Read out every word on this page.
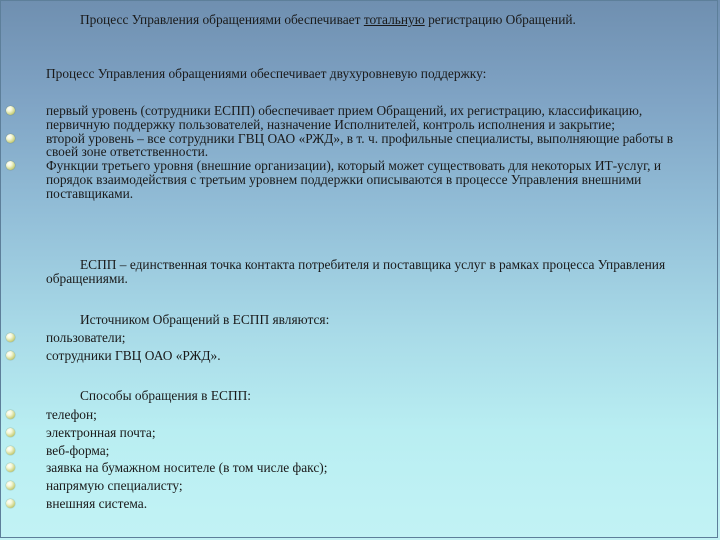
Процесс Управления обращениями обеспечивает тотальную регистрацию Обращений.

Процесс Управления обращениями обеспечивает двухуровневую поддержку:

первый уровень (сотрудники ЕСПП) обеспечивает прием Обращений, их регистрацию, классификацию, первичную поддержку пользователей, назначение Исполнителей, контроль исполнения и закрытие;
второй уровень – все сотрудники ГВЦ ОАО «РЖД», в т. ч. профильные специалисты, выполняющие работы в своей зоне ответственности.
Функции третьего уровня (внешние организации), который может существовать для некоторых ИТ-услуг, и порядок взаимодействия с третьим уровнем поддержки описываются в процессе Управления внешними поставщиками.

ЕСПП – единственная точка контакта потребителя и поставщика услуг в рамках процесса Управления обращениями.

Источником Обращений в ЕСПП являются:

пользователи;
сотрудники ГВЦ ОАО «РЖД».

Способы обращения в ЕСПП:

телефон;
электронная почта;
веб-форма;
заявка на бумажном носителе (в том числе факс);
напрямую специалисту;
внешняя система.
